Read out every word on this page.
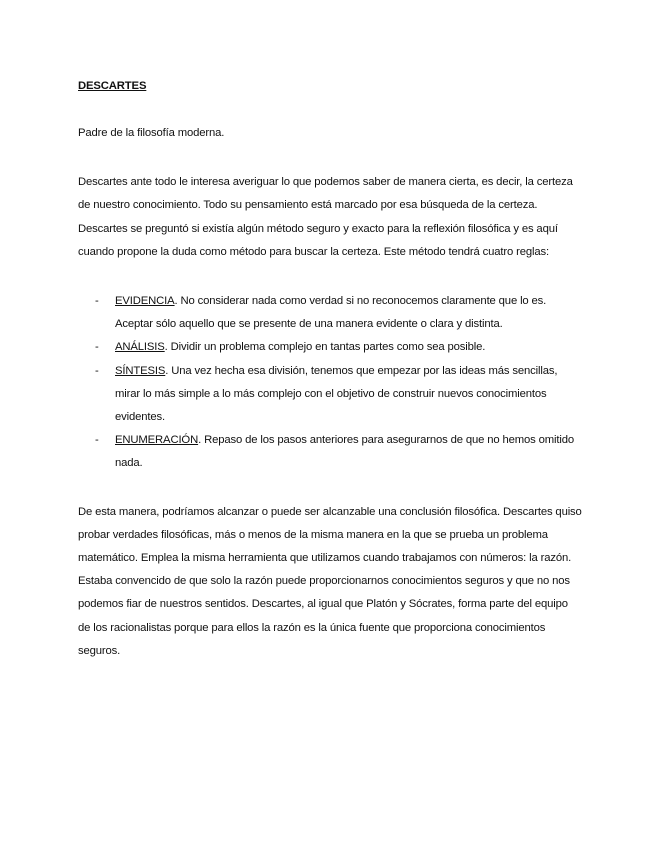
DESCARTES

Padre de la filosofía moderna.

Descartes ante todo le interesa averiguar lo que podemos saber de manera cierta, es decir, la certeza de nuestro conocimiento. Todo su pensamiento está marcado por esa búsqueda de la certeza. Descartes se preguntó si existía algún método seguro y exacto para la reflexión filosófica y es aquí cuando propone la duda como método para buscar la certeza. Este método tendrá cuatro reglas:

- EVIDENCIA. No considerar nada como verdad si no reconocemos claramente que lo es. Aceptar sólo aquello que se presente de una manera evidente o clara y distinta.
- ANÁLISIS. Dividir un problema complejo en tantas partes como sea posible.
- SÍNTESIS. Una vez hecha esa división, tenemos que empezar por las ideas más sencillas, mirar lo más simple a lo más complejo con el objetivo de construir nuevos conocimientos evidentes.
- ENUMERACIÓN. Repaso de los pasos anteriores para asegurarnos de que no hemos omitido nada.

De esta manera, podríamos alcanzar o puede ser alcanzable una conclusión filosófica. Descartes quiso probar verdades filosóficas, más o menos de la misma manera en la que se prueba un problema matemático. Emplea la misma herramienta que utilizamos cuando trabajamos con números: la razón. Estaba convencido de que solo la razón puede proporcionarnos conocimientos seguros y que no nos podemos fiar de nuestros sentidos. Descartes, al igual que Platón y Sócrates, forma parte del equipo de los racionalistas porque para ellos la razón es la única fuente que proporciona conocimientos seguros.
